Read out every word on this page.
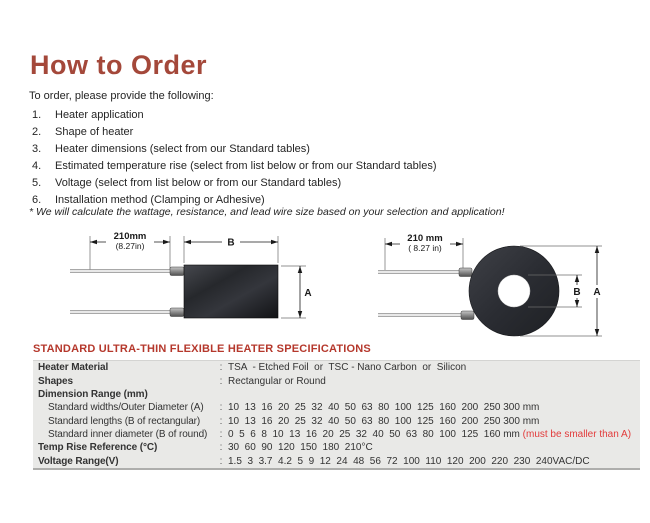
How to Order
To order, please provide the following:
1.	Heater application
2.	Shape of heater
3.	Heater dimensions (select from our Standard tables)
4.	Estimated temperature rise (select from list below or from our Standard tables)
5.	Voltage (select from list below or from our Standard tables)
6.	Installation method (Clamping or Adhesive)
* We will calculate the wattage, resistance, and lead wire size based on your selection and application!
210mm
(8.27in)	B
A
210 mm
( 8.27 in)
B A
STANDARD ULTRA-THIN FLEXIBLE HEATER SPECIFICATIONS
Heater Material	: TSA  - Etched Foil  or  TSC - Nano Carbon  or  Silicon
Shapes	: Rectangular or Round
Dimension Range (mm)
Standard widths/Outer Diameter (A)	: 10  13  16  20  25  32  40  50  63  80  100  125  160  200  250 300 mm
Standard lengths (B of rectangular)	: 10  13  16  20  25  32  40  50  63  80  100  125  160  200  250 300 mm
Standard inner diameter (B of round)	: 0  5  6  8  10  13  16  20  25  32  40  50  63  80  100  125  160 mm (must be smaller than A)
Temp Rise Reference (°C)	: 30  60  90  120  150  180  210°C
Voltage Range(V)	: 1.5  3  3.7  4.2  5  9  12  24  48  56  72  100  110  120  200  220  230  240VAC/DC
